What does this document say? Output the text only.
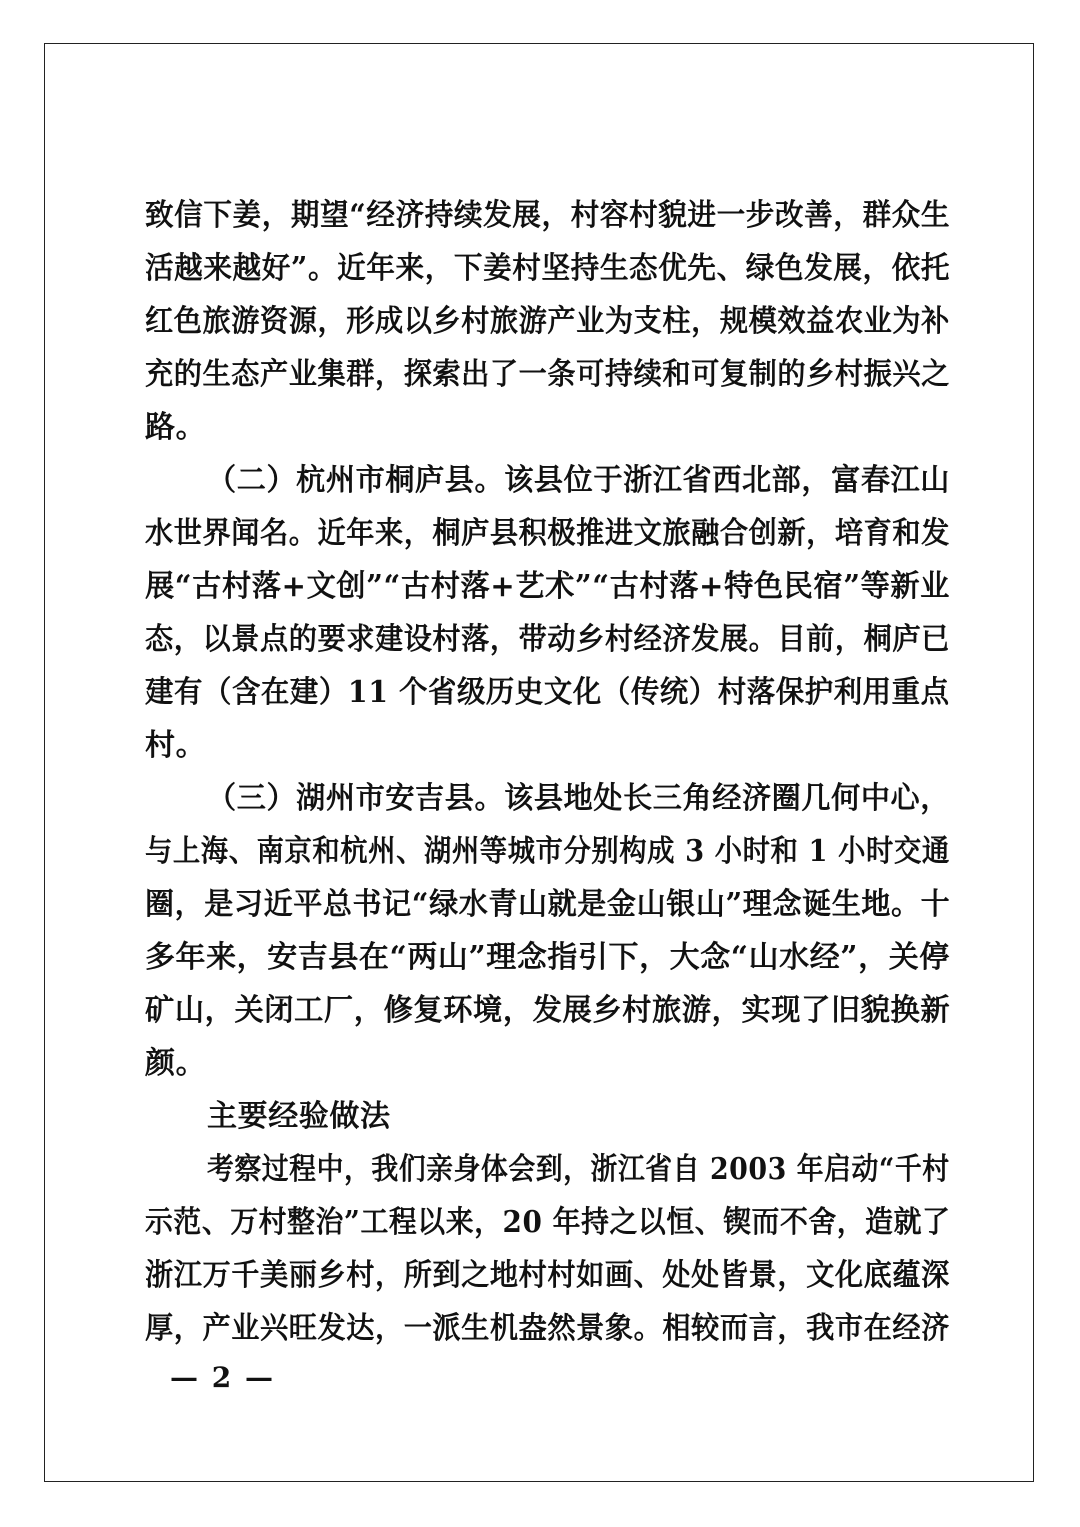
致信下姜，期望“经济持续发展，村容村貌进一步改善，群众生
活越来越好”。近年来，下姜村坚持生态优先、绿色发展，依托
红色旅游资源，形成以乡村旅游产业为支柱，规模效益农业为补
充的生态产业集群，探索出了一条可持续和可复制的乡村振兴之
路。
（二）杭州市桐庐县。该县位于浙江省西北部，富春江山
水世界闻名。近年来，桐庐县积极推进文旅融合创新，培育和发
展“古村落+文创”“古村落+艺术”“古村落+特色民宿”等新业
态，以景点的要求建设村落，带动乡村经济发展。目前，桐庐已
建有（含在建）11 个省级历史文化（传统）村落保护利用重点
村。
（三）湖州市安吉县。该县地处长三角经济圈几何中心，
与上海、南京和杭州、湖州等城市分别构成 3 小时和 1 小时交通
圈，是习近平总书记“绿水青山就是金山银山”理念诞生地。十
多年来，安吉县在“两山”理念指引下，大念“山水经”，关停
矿山，关闭工厂，修复环境，发展乡村旅游，实现了旧貌换新
颜。
主要经验做法
考察过程中，我们亲身体会到，浙江省自 2003 年启动“千村
示范、万村整治”工程以来，20 年持之以恒、锲而不舍，造就了
浙江万千美丽乡村，所到之地村村如画、处处皆景，文化底蕴深
厚，产业兴旺发达，一派生机盎然景象。相较而言，我市在经济
— 2 —
